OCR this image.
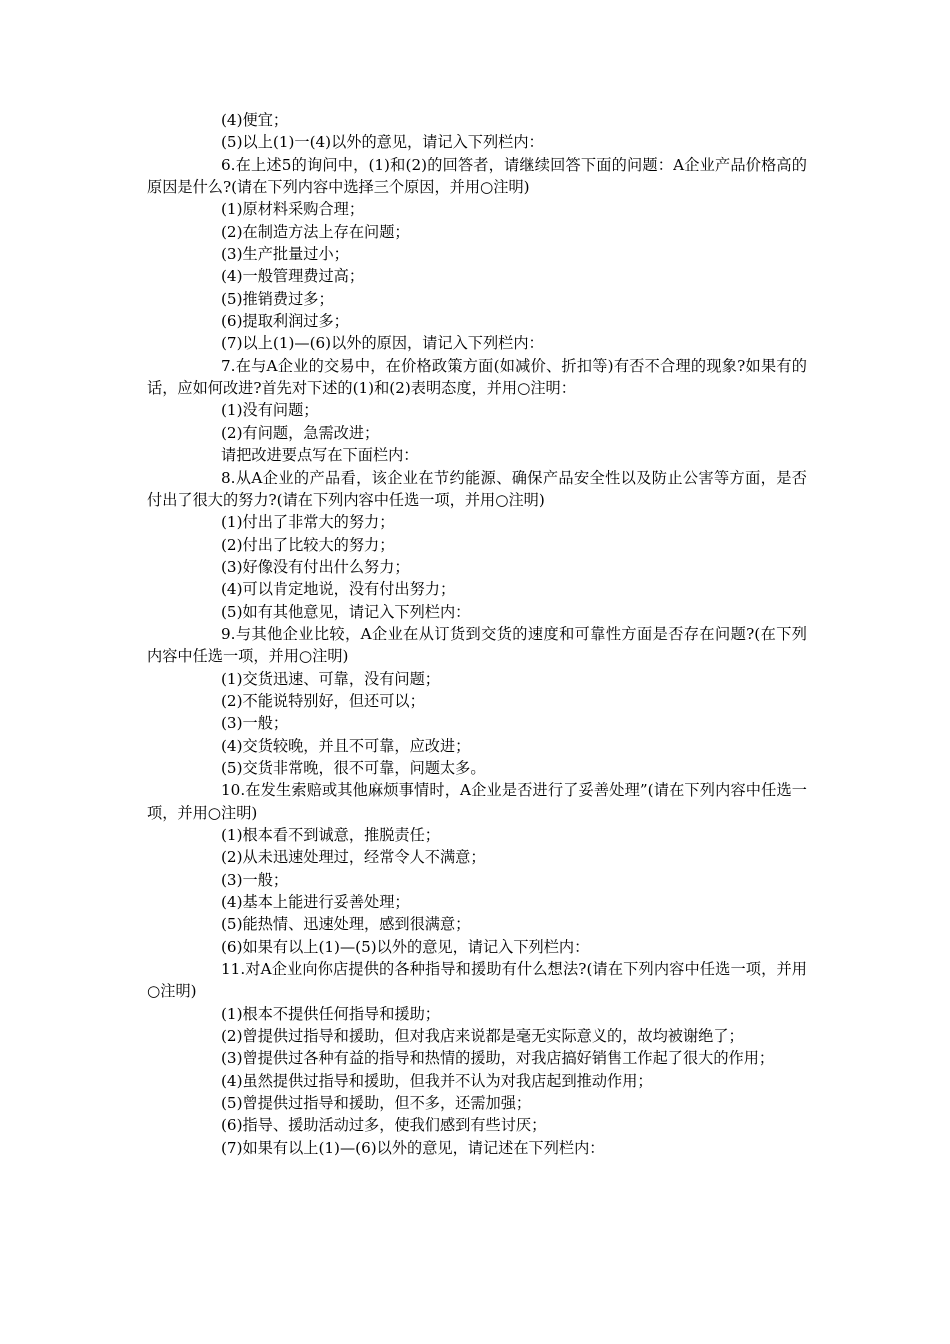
(4)便宜；
(5)以上(1)一(4)以外的意见，请记入下列栏内：
6.在上述5的询问中，(1)和(2)的回答者，请继续回答下面的问题：A企业产品价格高的原因是什么?(请在下列内容中选择三个原因，并用○注明)
(1)原材料采购合理；
(2)在制造方法上存在问题；
(3)生产批量过小；
(4)一般管理费过高；
(5)推销费过多；
(6)提取利润过多；
(7)以上(1)—(6)以外的原因，请记入下列栏内：
7.在与A企业的交易中，在价格政策方面(如减价、折扣等)有否不合理的现象?如果有的话，应如何改进?首先对下述的(1)和(2)表明态度，并用○注明：
(1)没有问题；
(2)有问题，急需改进；
请把改进要点写在下面栏内：
8.从A企业的产品看，该企业在节约能源、确保产品安全性以及防止公害等方面，是否付出了很大的努力?(请在下列内容中任选一项，并用○注明)
(1)付出了非常大的努力；
(2)付出了比较大的努力；
(3)好像没有付出什么努力；
(4)可以肯定地说，没有付出努力；
(5)如有其他意见，请记入下列栏内：
9.与其他企业比较，A企业在从订货到交货的速度和可靠性方面是否存在问题?(在下列内容中任选一项，并用○注明)
(1)交货迅速、可靠，没有问题；
(2)不能说特别好，但还可以；
(3)一般；
(4)交货较晚，并且不可靠，应改进；
(5)交货非常晚，很不可靠，问题太多。
10.在发生索赔或其他麻烦事情时，A企业是否进行了妥善处理”(请在下列内容中任选一项，并用○注明)
(1)根本看不到诚意，推脱责任；
(2)从未迅速处理过，经常令人不满意；
(3)一般；
(4)基本上能进行妥善处理；
(5)能热情、迅速处理，感到很满意；
(6)如果有以上(1)—(5)以外的意见，请记入下列栏内：
11.对A企业向你店提供的各种指导和援助有什么想法?(请在下列内容中任选一项，并用 ○注明)
(1)根本不提供任何指导和援助；
(2)曾提供过指导和援助，但对我店来说都是毫无实际意义的，故均被谢绝了；
(3)曾提供过各种有益的指导和热情的援助，对我店搞好销售工作起了很大的作用；
(4)虽然提供过指导和援助，但我并不认为对我店起到推动作用；
(5)曾提供过指导和援助，但不多，还需加强；
(6)指导、援助活动过多，使我们感到有些讨厌；
(7)如果有以上(1)—(6)以外的意见，请记述在下列栏内：
